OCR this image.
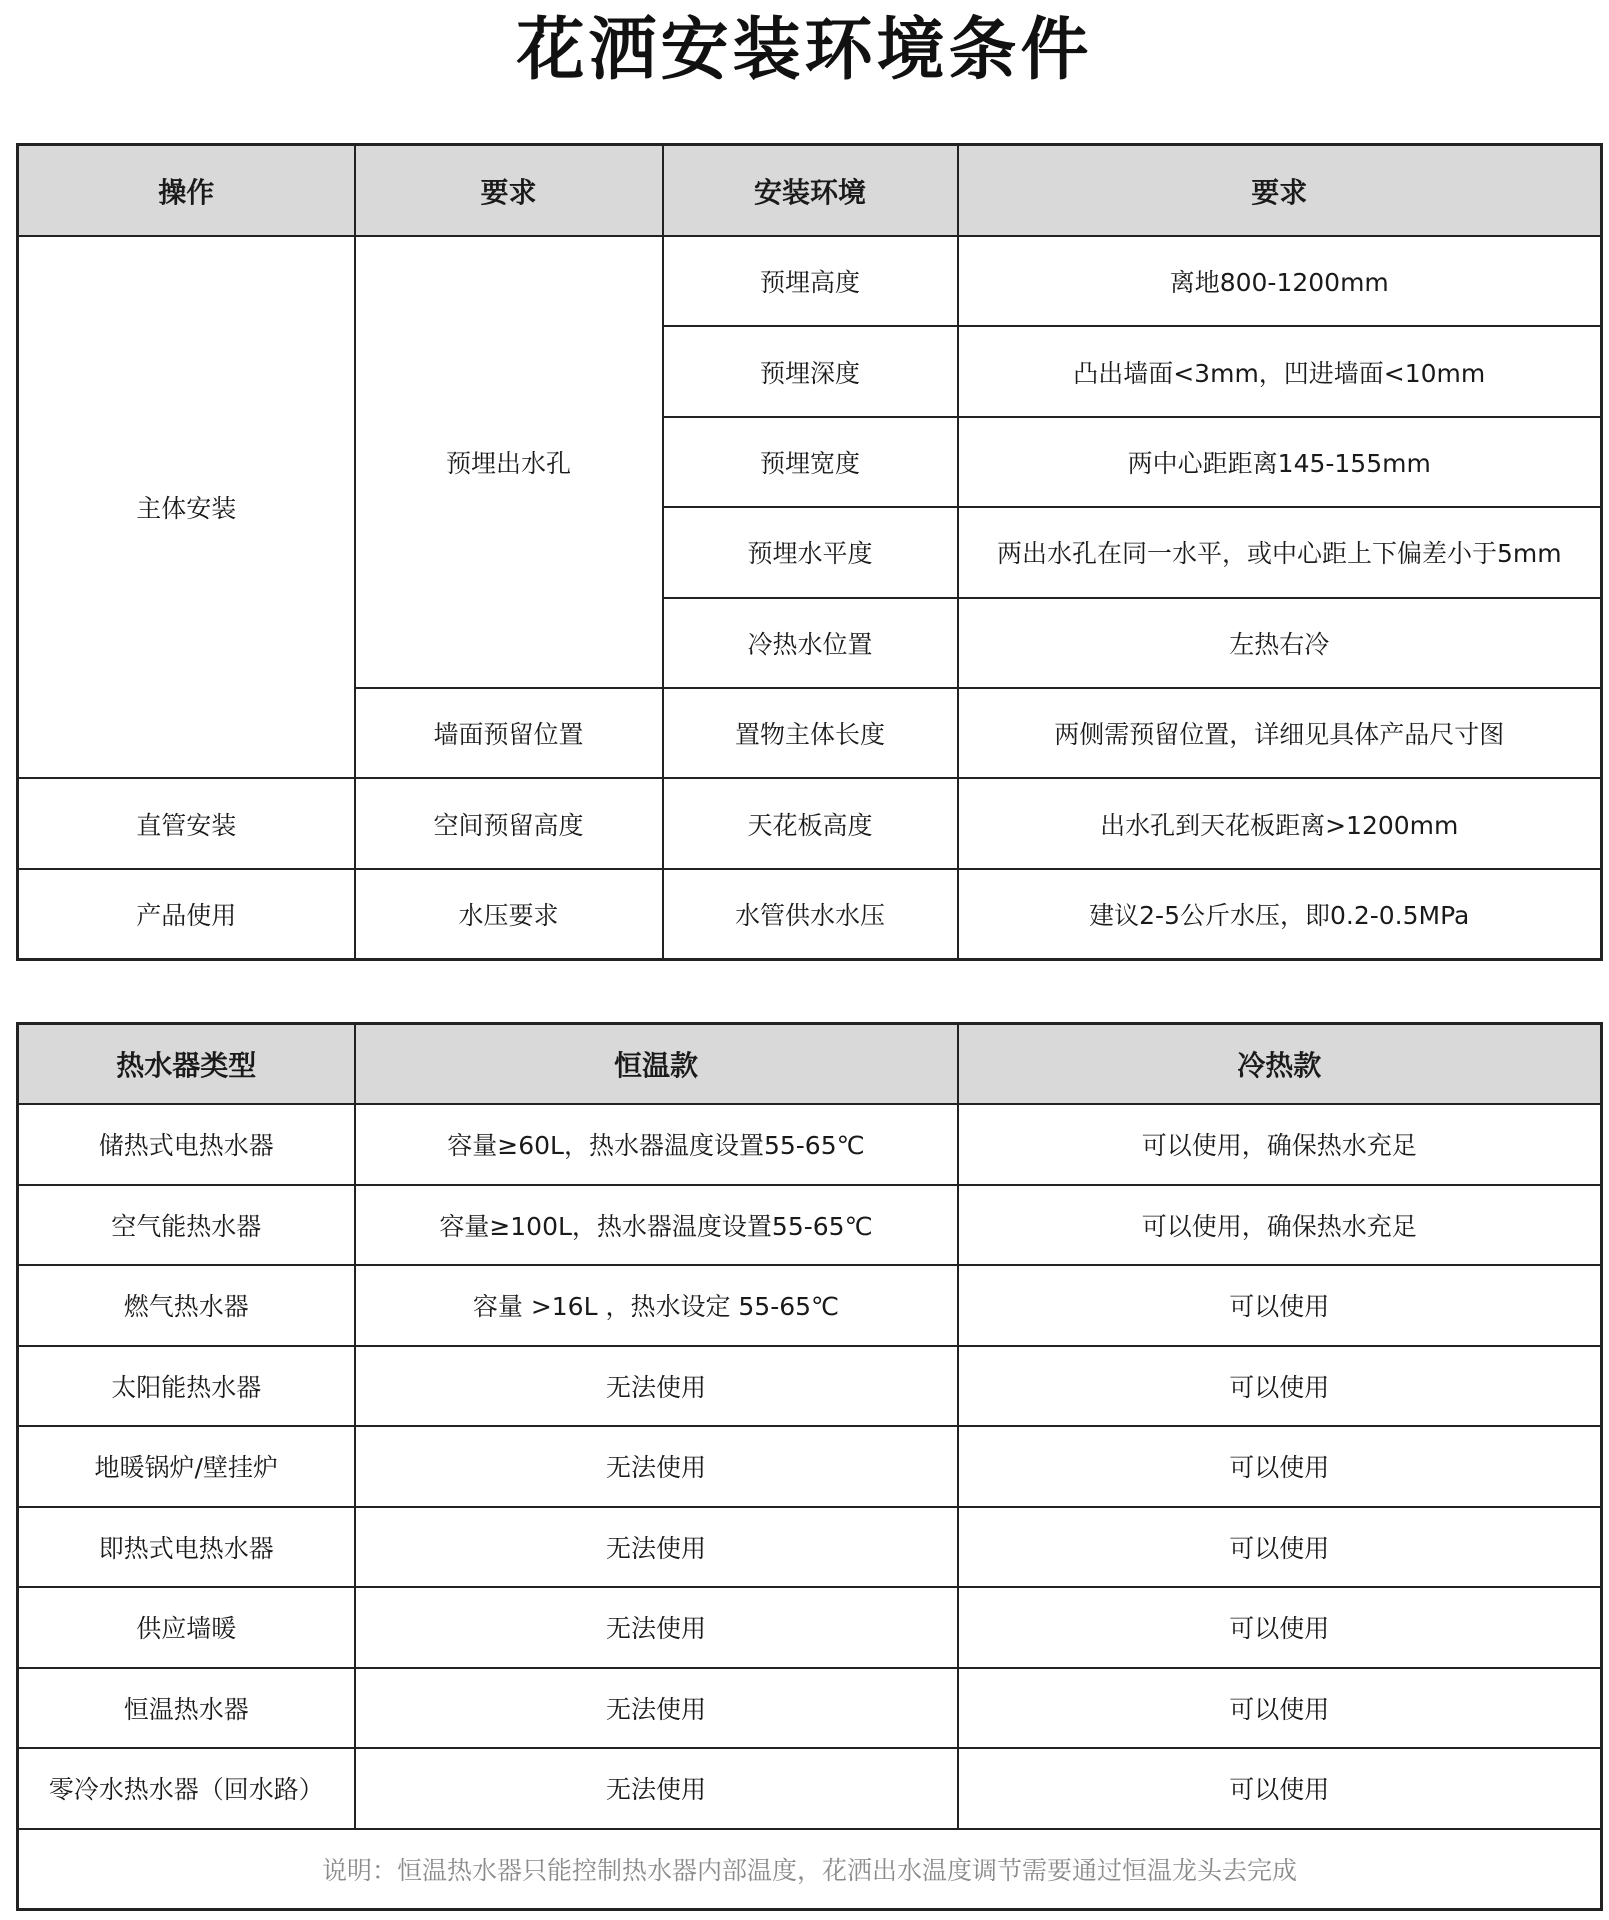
花洒安装环境条件
操作	要求	安装环境	要求
主体安装	预埋出水孔	预埋高度	离地800-1200mm
		预埋深度	凸出墙面<3mm，凹进墙面<10mm
		预埋宽度	两中心距距离145-155mm
		预埋水平度	两出水孔在同一水平，或中心距上下偏差小于5mm
		冷热水位置	左热右冷
	墙面预留位置	置物主体长度	两侧需预留位置，详细见具体产品尺寸图
直管安装	空间预留高度	天花板高度	出水孔到天花板距离>1200mm
产品使用	水压要求	水管供水水压	建议2-5公斤水压，即0.2-0.5MPa
热水器类型	恒温款	冷热款
储热式电热水器	容量≥60L，热水器温度设置55-65℃	可以使用，确保热水充足
空气能热水器	容量≥100L，热水器温度设置55-65℃	可以使用，确保热水充足
燃气热水器	容量 >16L ，热水设定 55-65℃	可以使用
太阳能热水器	无法使用	可以使用
地暖锅炉/壁挂炉	无法使用	可以使用
即热式电热水器	无法使用	可以使用
供应墙暖	无法使用	可以使用
恒温热水器	无法使用	可以使用
零冷水热水器（回水路）	无法使用	可以使用
说明：恒温热水器只能控制热水器内部温度，花洒出水温度调节需要通过恒温龙头去完成		
